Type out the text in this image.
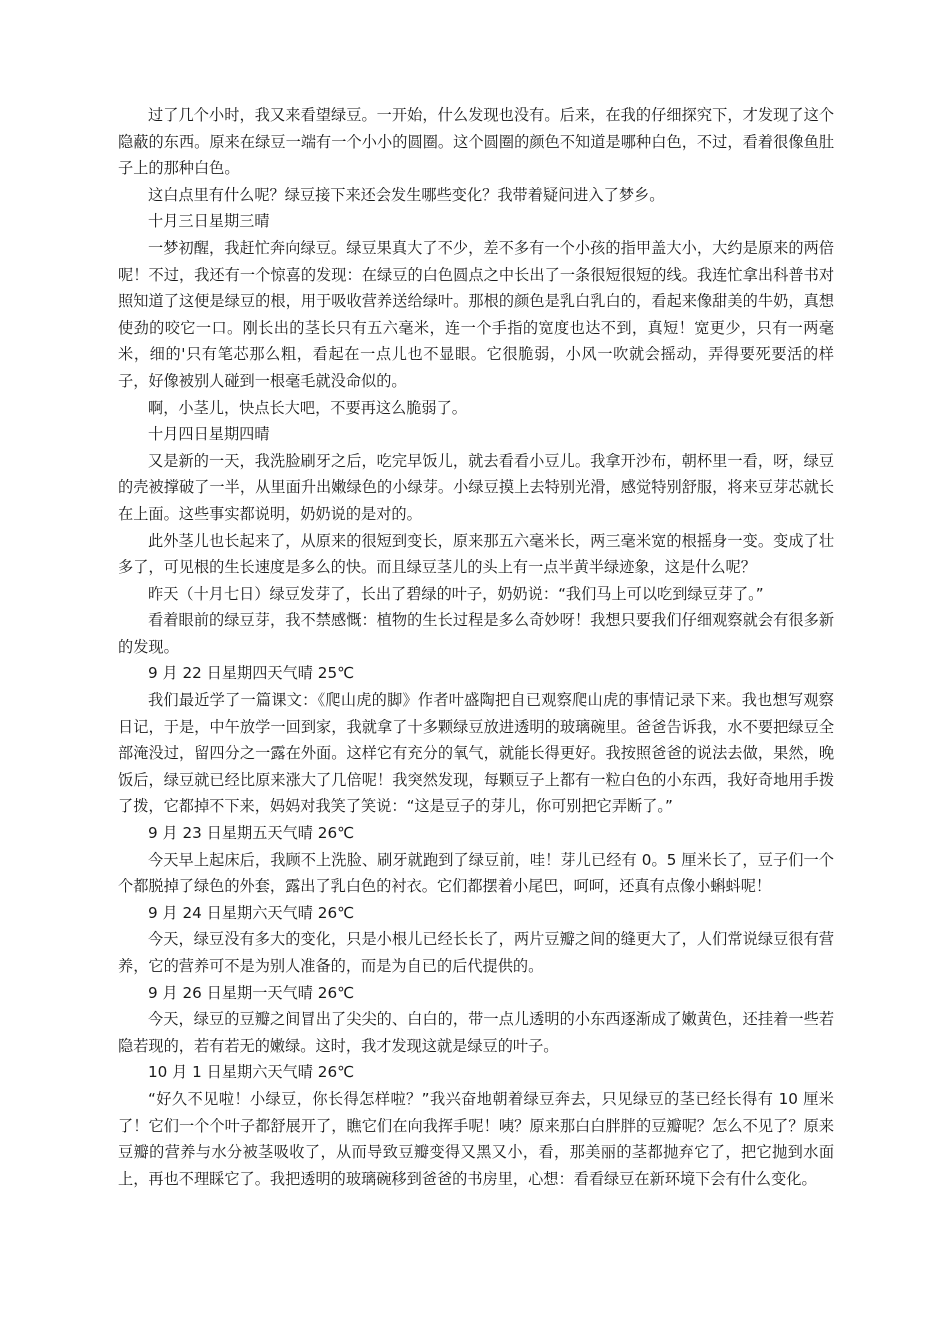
过了几个小时，我又来看望绿豆。一开始，什么发现也没有。后来，在我的仔细探究下，才发现了这个隐蔽的东西。原来在绿豆一端有一个小小的圆圈。这个圆圈的颜色不知道是哪种白色，不过，看着很像鱼肚子上的那种白色。

这白点里有什么呢？绿豆接下来还会发生哪些变化？我带着疑问进入了梦乡。

十月三日星期三晴

一梦初醒，我赶忙奔向绿豆。绿豆果真大了不少，差不多有一个小孩的指甲盖大小，大约是原来的两倍呢！不过，我还有一个惊喜的发现：在绿豆的白色圆点之中长出了一条很短很短的线。我连忙拿出科普书对照知道了这便是绿豆的根，用于吸收营养送给绿叶。那根的颜色是乳白乳白的，看起来像甜美的牛奶，真想使劲的咬它一口。刚长出的茎长只有五六毫米，连一个手指的宽度也达不到，真短！宽更少，只有一两毫米，细的'只有笔芯那么粗，看起在一点儿也不显眼。它很脆弱，小风一吹就会摇动，弄得要死要活的样子，好像被别人碰到一根毫毛就没命似的。

啊，小茎儿，快点长大吧，不要再这么脆弱了。

十月四日星期四晴

又是新的一天，我洗脸刷牙之后，吃完早饭儿，就去看看小豆儿。我拿开沙布，朝杯里一看，呀，绿豆的壳被撑破了一半，从里面升出嫩绿色的小绿芽。小绿豆摸上去特别光滑，感觉特别舒服，将来豆芽芯就长在上面。这些事实都说明，奶奶说的是对的。

此外茎儿也长起来了，从原来的很短到变长，原来那五六毫米长，两三毫米宽的根摇身一变。变成了壮多了，可见根的生长速度是多么的快。而且绿豆茎儿的头上有一点半黄半绿迹象，这是什么呢？

昨天（十月七日）绿豆发芽了，长出了碧绿的叶子，奶奶说：“我们马上可以吃到绿豆芽了。”

看着眼前的绿豆芽，我不禁感慨：植物的生长过程是多么奇妙呀！我想只要我们仔细观察就会有很多新的发现。

9 月 22 日星期四天气晴 25℃

我们最近学了一篇课文：《爬山虎的脚》作者叶盛陶把自已观察爬山虎的事情记录下来。我也想写观察日记，于是，中午放学一回到家，我就拿了十多颗绿豆放进透明的玻璃碗里。爸爸告诉我，水不要把绿豆全部淹没过，留四分之一露在外面。这样它有充分的氧气，就能长得更好。我按照爸爸的说法去做，果然，晚饭后，绿豆就已经比原来涨大了几倍呢！我突然发现，每颗豆子上都有一粒白色的小东西，我好奇地用手拨了拨，它都掉不下来，妈妈对我笑了笑说：“这是豆子的芽儿，你可别把它弄断了。”

9 月 23 日星期五天气晴 26℃

今天早上起床后，我顾不上洗脸、刷牙就跑到了绿豆前，哇！芽儿已经有 0。5 厘米长了，豆子们一个个都脱掉了绿色的外套，露出了乳白色的衬衣。它们都摆着小尾巴，呵呵，还真有点像小蝌蚪呢！

9 月 24 日星期六天气晴 26℃

今天，绿豆没有多大的变化，只是小根儿已经长长了，两片豆瓣之间的缝更大了，人们常说绿豆很有营养，它的营养可不是为别人准备的，而是为自已的后代提供的。

9 月 26 日星期一天气晴 26℃

今天，绿豆的豆瓣之间冒出了尖尖的、白白的，带一点儿透明的小东西逐渐成了嫩黄色，还挂着一些若隐若现的，若有若无的嫩绿。这时，我才发现这就是绿豆的叶子。

10 月 1 日星期六天气晴 26℃

“好久不见啦！小绿豆，你长得怎样啦？”我兴奋地朝着绿豆奔去，只见绿豆的茎已经长得有 10 厘米了！它们一个个叶子都舒展开了，瞧它们在向我挥手呢！咦？原来那白白胖胖的豆瓣呢？怎么不见了？原来豆瓣的营养与水分被茎吸收了，从而导致豆瓣变得又黑又小，看，那美丽的茎都抛弃它了，把它抛到水面上，再也不理睬它了。我把透明的玻璃碗移到爸爸的书房里，心想：看看绿豆在新环境下会有什么变化。
